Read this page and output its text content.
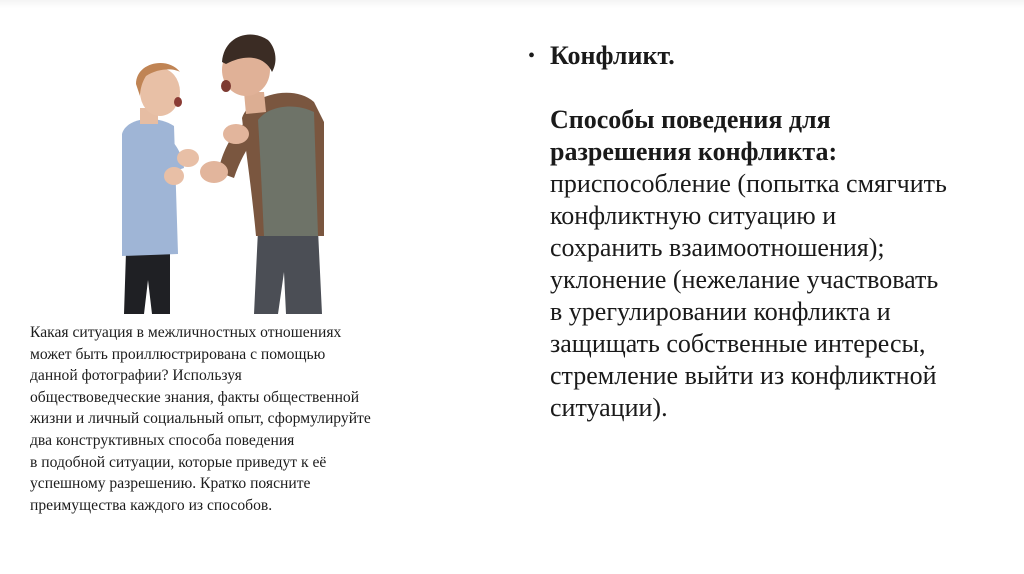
Какая ситуация в межличностных отношениях
может быть проиллюстрирована с помощью
данной фотографии? Используя
обществоведческие знания, факты общественной
жизни и личный социальный опыт, сформулируйте
два конструктивных способа поведения
в подобной ситуации, которые приведут к её
успешному разрешению. Кратко поясните
преимущества каждого из способов.

• Конфликт.

Способы поведения для разрешения конфликта: приспособление (попытка смягчить конфликтную ситуацию и сохранить взаимоотношения); уклонение (нежелание участвовать в урегулировании конфликта и защищать собственные интересы, стремление выйти из конфликтной ситуации).
